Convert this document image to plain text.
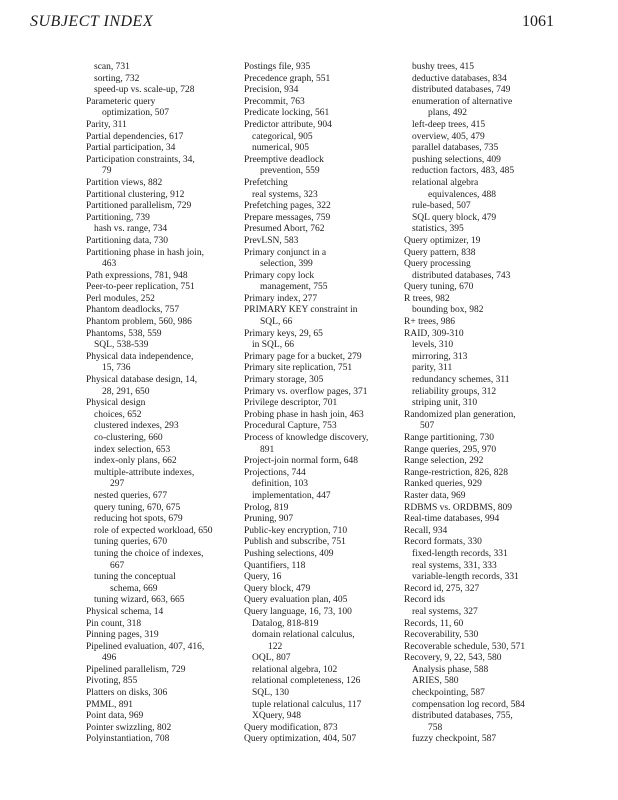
SUBJECT INDEX	1061
scan, 731
sorting, 732
speed-up vs. scale-up, 728
Parameteric query
optimization, 507
Parity, 311
Partial dependencies, 617
Partial participation, 34
Participation constraints, 34,
79
Partition views, 882
Partitional clustering, 912
Partitioned parallelism, 729
Partitioning, 739
hash vs. range, 734
Partitioning data, 730
Partitioning phase in hash join,
463
Path expressions, 781, 948
Peer-to-peer replication, 751
Perl modules, 252
Phantom deadlocks, 757
Phantom problem, 560, 986
Phantoms, 538, 559
SQL, 538-539
Physical data independence,
15, 736
Physical database design, 14,
28, 291, 650
Physical design
choices, 652
clustered indexes, 293
co-clustering, 660
index selection, 653
index-only plans, 662
multiple-attribute indexes,
297
nested queries, 677
query tuning, 670, 675
reducing hot spots, 679
role of expected workload, 650
tuning queries, 670
tuning the choice of indexes,
667
tuning the conceptual
schema, 669
tuning wizard, 663, 665
Physical schema, 14
Pin count, 318
Pinning pages, 319
Pipelined evaluation, 407, 416,
496
Pipelined parallelism, 729
Pivoting, 855
Platters on disks, 306
PMML, 891
Point data, 969
Pointer swizzling, 802
Polyinstantiation, 708
Postings file, 935
Precedence graph, 551
Precision, 934
Precommit, 763
Predicate locking, 561
Predictor attribute, 904
categorical, 905
numerical, 905
Preemptive deadlock
prevention, 559
Prefetching
real systems, 323
Prefetching pages, 322
Prepare messages, 759
Presumed Abort, 762
PrevLSN, 583
Primary conjunct in a
selection, 399
Primary copy lock
management, 755
Primary index, 277
PRIMARY KEY constraint in
SQL, 66
Primary keys, 29, 65
in SQL, 66
Primary page for a bucket, 279
Primary site replication, 751
Primary storage, 305
Primary vs. overflow pages, 371
Privilege descriptor, 701
Probing phase in hash join, 463
Procedural Capture, 753
Process of knowledge discovery,
891
Project-join normal form, 648
Projections, 744
definition, 103
implementation, 447
Prolog, 819
Pruning, 907
Public-key encryption, 710
Publish and subscribe, 751
Pushing selections, 409
Quantifiers, 118
Query, 16
Query block, 479
Query evaluation plan, 405
Query language, 16, 73, 100
Datalog, 818-819
domain relational calculus,
122
OQL, 807
relational algebra, 102
relational completeness, 126
SQL, 130
tuple relational calculus, 117
XQuery, 948
Query modification, 873
Query optimization, 404, 507
bushy trees, 415
deductive databases, 834
distributed databases, 749
enumeration of alternative
plans, 492
left-deep trees, 415
overview, 405, 479
parallel databases, 735
pushing selections, 409
reduction factors, 483, 485
relational algebra
equivalences, 488
rule-based, 507
SQL query block, 479
statistics, 395
Query optimizer, 19
Query pattern, 838
Query processing
distributed databases, 743
Query tuning, 670
R trees, 982
bounding box, 982
R+ trees, 986
RAID, 309-310
levels, 310
mirroring, 313
parity, 311
redundancy schemes, 311
reliability groups, 312
striping unit, 310
Randomized plan generation,
507
Range partitioning, 730
Range queries, 295, 970
Range selection, 292
Range-restriction, 826, 828
Ranked queries, 929
Raster data, 969
RDBMS vs. ORDBMS, 809
Real-time databases, 994
Recall, 934
Record formats, 330
fixed-length records, 331
real systems, 331, 333
variable-length records, 331
Record id, 275, 327
Record ids
real systems, 327
Records, 11, 60
Recoverability, 530
Recoverable schedule, 530, 571
Recovery, 9, 22, 543, 580
Analysis phase, 588
ARIES, 580
checkpointing, 587
compensation log record, 584
distributed databases, 755,
758
fuzzy checkpoint, 587
